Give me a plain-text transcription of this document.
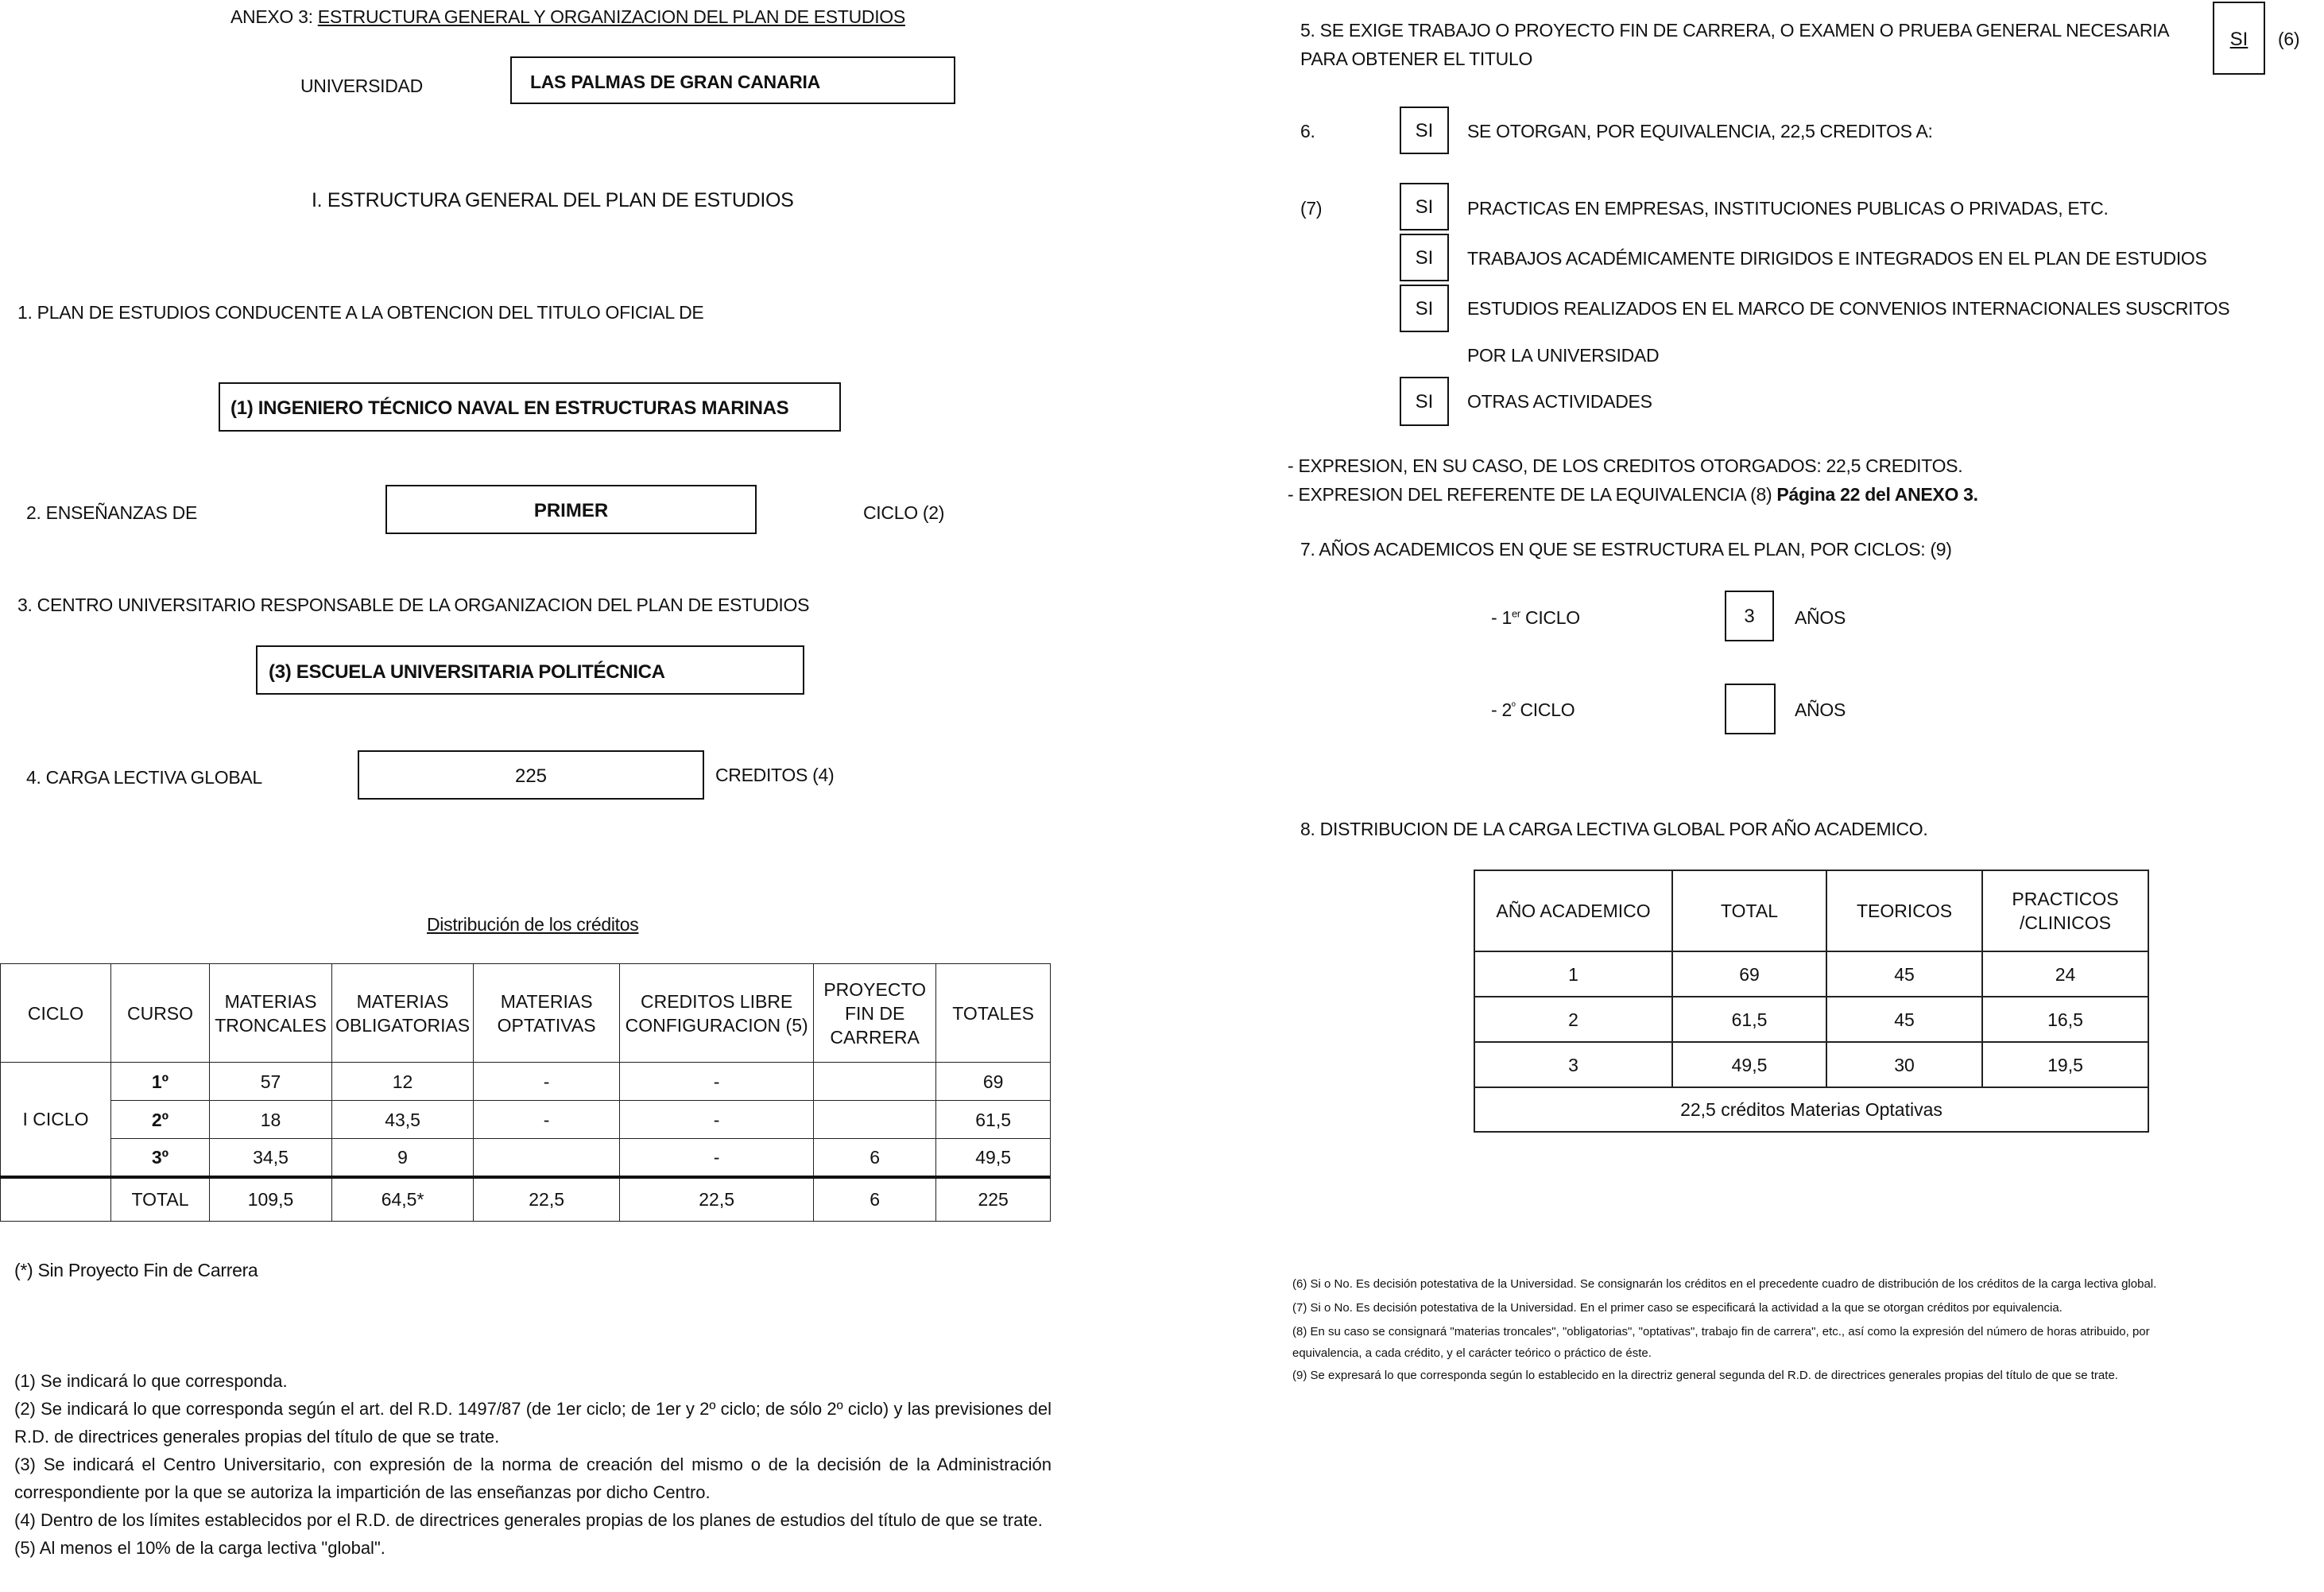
ANEXO 3: ESTRUCTURA GENERAL Y ORGANIZACION DEL PLAN DE ESTUDIOS
UNIVERSIDAD	LAS PALMAS DE GRAN CANARIA
I. ESTRUCTURA GENERAL DEL PLAN DE ESTUDIOS
1. PLAN DE ESTUDIOS CONDUCENTE A LA OBTENCION DEL TITULO OFICIAL DE
(1) INGENIERO TÉCNICO NAVAL EN ESTRUCTURAS MARINAS
2. ENSEÑANZAS DE	PRIMER	CICLO (2)
3. CENTRO UNIVERSITARIO RESPONSABLE DE LA ORGANIZACION DEL PLAN DE ESTUDIOS
(3) ESCUELA UNIVERSITARIA POLITÉCNICA
4. CARGA LECTIVA GLOBAL	225	CREDITOS (4)
Distribución de los créditos
CICLO	CURSO	MATERIAS TRONCALES	MATERIAS OBLIGATORIAS	MATERIAS OPTATIVAS	CREDITOS LIBRE CONFIGURACION (5)	PROYECTO FIN DE CARRERA	TOTALES
I CICLO	1º	57	12	-	-		69
	2º	18	43,5	-	-		61,5
	3º	34,5	9		-	6	49,5
	TOTAL	109,5	64,5*	22,5	22,5	6	225
(*) Sin Proyecto Fin de Carrera
(1) Se indicará lo que corresponda.
(2) Se indicará lo que corresponda según el art. del R.D. 1497/87 (de 1er ciclo; de 1er y 2º ciclo; de sólo 2º ciclo) y las previsiones del R.D. de directrices generales propias del título de que se trate.
(3) Se indicará el Centro Universitario, con expresión de la norma de creación del mismo o de la decisión de la Administración correspondiente por la que se autoriza la impartición de las enseñanzas por dicho Centro.
(4) Dentro de los límites establecidos por el R.D. de directrices generales propias de los planes de estudios del título de que se trate.
(5) Al menos el 10% de la carga lectiva "global".
5. SE EXIGE TRABAJO O PROYECTO FIN DE CARRERA, O EXAMEN O PRUEBA GENERAL NECESARIA PARA OBTENER EL TITULO
SI	(6)
6.	SI	SE OTORGAN, POR EQUIVALENCIA, 22,5 CREDITOS A:
(7)	SI	PRACTICAS EN EMPRESAS, INSTITUCIONES PUBLICAS O PRIVADAS, ETC.
SI	TRABAJOS ACADÉMICAMENTE DIRIGIDOS E INTEGRADOS EN EL PLAN DE ESTUDIOS
SI	ESTUDIOS REALIZADOS EN EL MARCO DE CONVENIOS INTERNACIONALES SUSCRITOS
POR LA UNIVERSIDAD
SI	OTRAS ACTIVIDADES
- EXPRESION, EN SU CASO, DE LOS CREDITOS OTORGADOS: 22,5 CREDITOS.
- EXPRESION DEL REFERENTE DE LA EQUIVALENCIA (8) Página 22 del ANEXO 3.
7. AÑOS ACADEMICOS EN QUE SE ESTRUCTURA EL PLAN, POR CICLOS: (9)
- 1er CICLO	3	AÑOS
- $2^º$ CICLO	AÑOS
8. DISTRIBUCION DE LA CARGA LECTIVA GLOBAL POR AÑO ACADEMICO.
AÑO ACADEMICO	TOTAL	TEORICOS	PRACTICOS /CLINICOS
1	69	45	24
2	61,5	45	16,5
3	49,5	30	19,5
22,5 créditos Materias Optativas			
(6) Si o No. Es decisión potestativa de la Universidad. Se consignarán los créditos en el precedente cuadro de distribución de los créditos de la carga lectiva global.
(7) Si o No. Es decisión potestativa de la Universidad. En el primer caso se especificará la actividad a la que se otorgan créditos por equivalencia.
(8) En su caso se consignará "materias troncales", "obligatorias", "optativas", trabajo fin de carrera", etc., así como la expresión del número de horas atribuido, por
equivalencia, a cada crédito, y el carácter teórico o práctico de éste.
(9) Se expresará lo que corresponda según lo establecido en la directriz general segunda del R.D. de directrices generales propias del título de que se trate.
